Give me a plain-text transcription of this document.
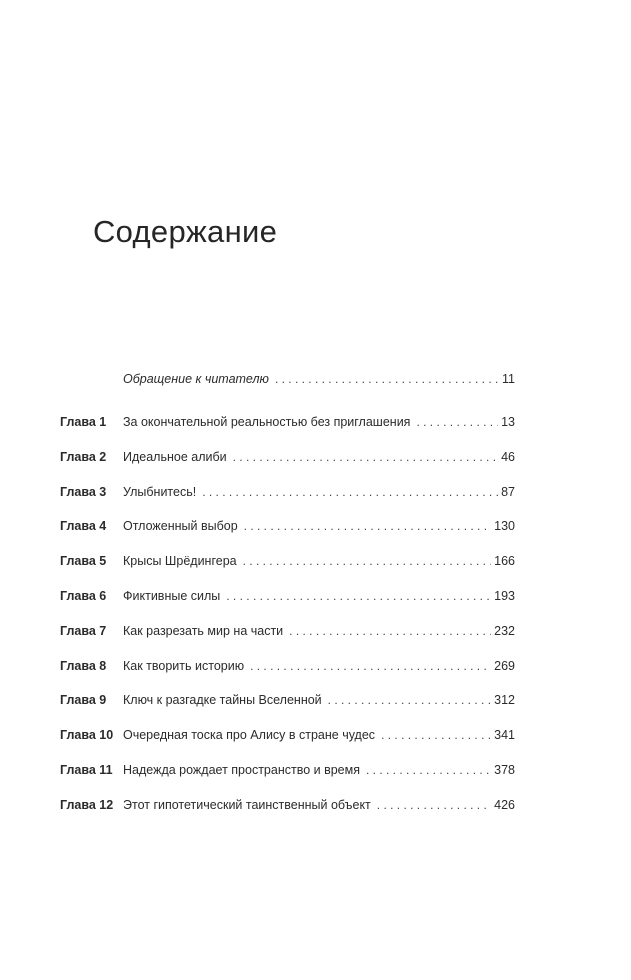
Содержание
Обращение к читателю . . .	11
Глава 1	За окончательной реальностью без приглашения . . .	13
Глава 2	Идеальное алиби . . .	46
Глава 3	Улыбнитесь! . . .	87
Глава 4	Отложенный выбор . . .	130
Глава 5	Крысы Шрёдингера . . .	166
Глава 6	Фиктивные силы . . .	193
Глава 7	Как разрезать мир на части . . .	232
Глава 8	Как творить историю . . .	269
Глава 9	Ключ к разгадке тайны Вселенной . . .	312
Глава 10 Очередная тоска про Алису в стране чудес . . .	341
Глава 11 Надежда рождает пространство и время . . .	378
Глава 12 Этот гипотетический таинственный объект . . .	426
